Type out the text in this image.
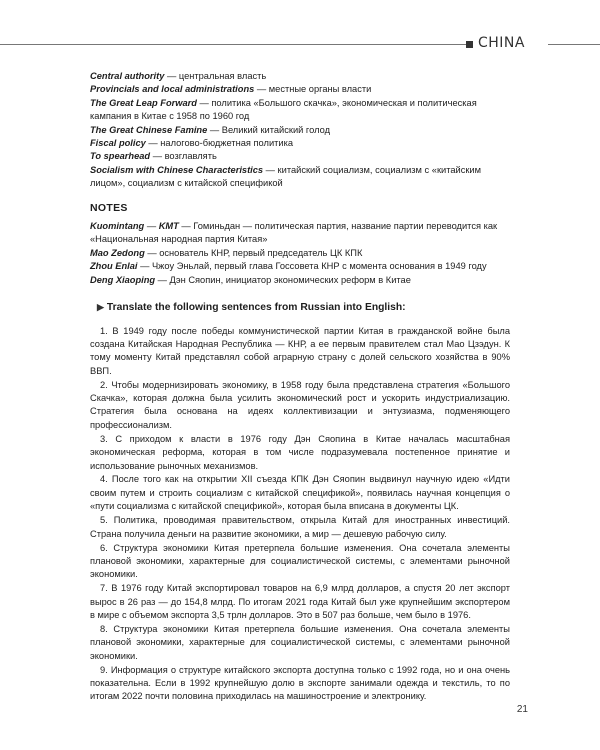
CHINA

Central authority — центральная власть

Provincials and local administrations — местные органы власти

The Great Leap Forward — политика «Большого скачка», экономическая и политическая кампания в Китае с 1958 по 1960 год

The Great Chinese Famine — Великий китайский голод

Fiscal policy — налогово-бюджетная политика

To spearhead — возглавлять

Socialism with Chinese Characteristics — китайский социализм, социализм с «китайским лицом», социализм с китайской спецификой

NOTES

Kuomintang — KMT — Гоминьдан — политическая партия, название партии переводится как «Национальная народная партия Китая»

Mao Zedong — основатель КНР, первый председатель ЦК КПК

Zhou Enlai — Чжоу Эньлай, первый глава Госсовета КНР с момента основания в 1949 году

Deng Xiaoping — Дэн Сяопин, инициатор экономических реформ в Китае

▶ Translate the following sentences from Russian into English:

1. В 1949 году после победы коммунистической партии Китая в гражданской войне была создана Китайская Народная Республика — КНР, а ее первым правителем стал Мао Цзэдун. К тому моменту Китай представлял собой аграрную страну с долей сельского хозяйства в 90% ВВП.

2. Чтобы модернизировать экономику, в 1958 году была представлена стратегия «Большого Скачка», которая должна была усилить экономический рост и ускорить индустриализацию. Стратегия была основана на идеях коллективизации и энтузиазма, подменяющего профессионализм.

3. С приходом к власти в 1976 году Дэн Сяопина в Китае началась масштабная экономическая реформа, которая в том числе подразумевала постепенное принятие и использование рыночных механизмов.

4. После того как на открытии XII съезда КПК Дэн Сяопин выдвинул научную идею «Идти своим путем и строить социализм с китайской спецификой», появилась научная концепция о «пути социализма с китайской спецификой», которая была вписана в документы ЦК.

5. Политика, проводимая правительством, открыла Китай для иностранных инвестиций. Страна получила деньги на развитие экономики, а мир — дешевую рабочую силу.

6. Структура экономики Китая претерпела большие изменения. Она сочетала элементы плановой экономики, характерные для социалистической системы, с элементами рыночной экономики.

7. В 1976 году Китай экспортировал товаров на 6,9 млрд долларов, а спустя 20 лет экспорт вырос в 26 раз — до 154,8 млрд. По итогам 2021 года Китай был уже крупнейшим экспортером в мире с объемом экспорта 3,5 трлн долларов. Это в 507 раз больше, чем было в 1976.

8. Структура экономики Китая претерпела большие изменения. Она сочетала элементы плановой экономики, характерные для социалистической системы, с элементами рыночной экономики.

9. Информация о структуре китайского экспорта доступна только с 1992 года, но и она очень показательна. Если в 1992 крупнейшую долю в экспорте занимали одежда и текстиль, то по итогам 2022 почти половина приходилась на машиностроение и электронику.

21
